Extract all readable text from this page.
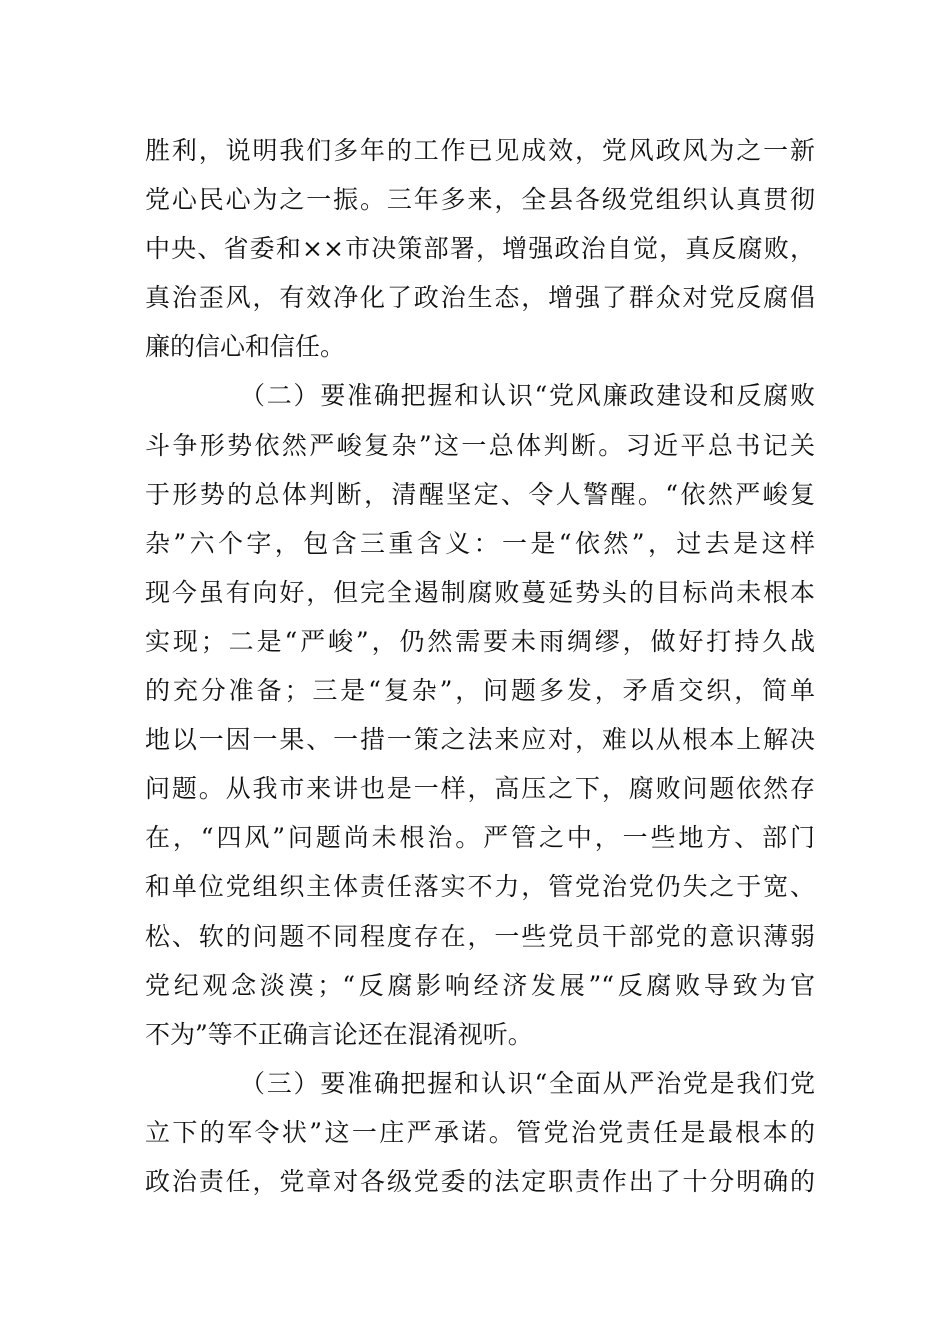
胜利，说明我们多年的工作已见成效，党风政风为之一新
党心民心为之一振。三年多来，全县各级党组织认真贯彻
中央、省委和××市决策部署，增强政治自觉，真反腐败，
真治歪风，有效净化了政治生态，增强了群众对党反腐倡
廉的信心和信任。
（二）要准确把握和认识“党风廉政建设和反腐败
斗争形势依然严峻复杂”这一总体判断。习近平总书记关
于形势的总体判断，清醒坚定、令人警醒。“依然严峻复
杂”六个字，包含三重含义：一是“依然”，过去是这样
现今虽有向好，但完全遏制腐败蔓延势头的目标尚未根本
实现；二是“严峻”，仍然需要未雨绸缪，做好打持久战
的充分准备；三是“复杂”，问题多发，矛盾交织，简单
地以一因一果、一措一策之法来应对，难以从根本上解决
问题。从我市来讲也是一样，高压之下，腐败问题依然存
在，“四风”问题尚未根治。严管之中，一些地方、部门
和单位党组织主体责任落实不力，管党治党仍失之于宽、
松、软的问题不同程度存在，一些党员干部党的意识薄弱
党纪观念淡漠；“反腐影响经济发展”“反腐败导致为官
不为”等不正确言论还在混淆视听。
（三）要准确把握和认识“全面从严治党是我们党
立下的军令状”这一庄严承诺。管党治党责任是最根本的
政治责任，党章对各级党委的法定职责作出了十分明确的
